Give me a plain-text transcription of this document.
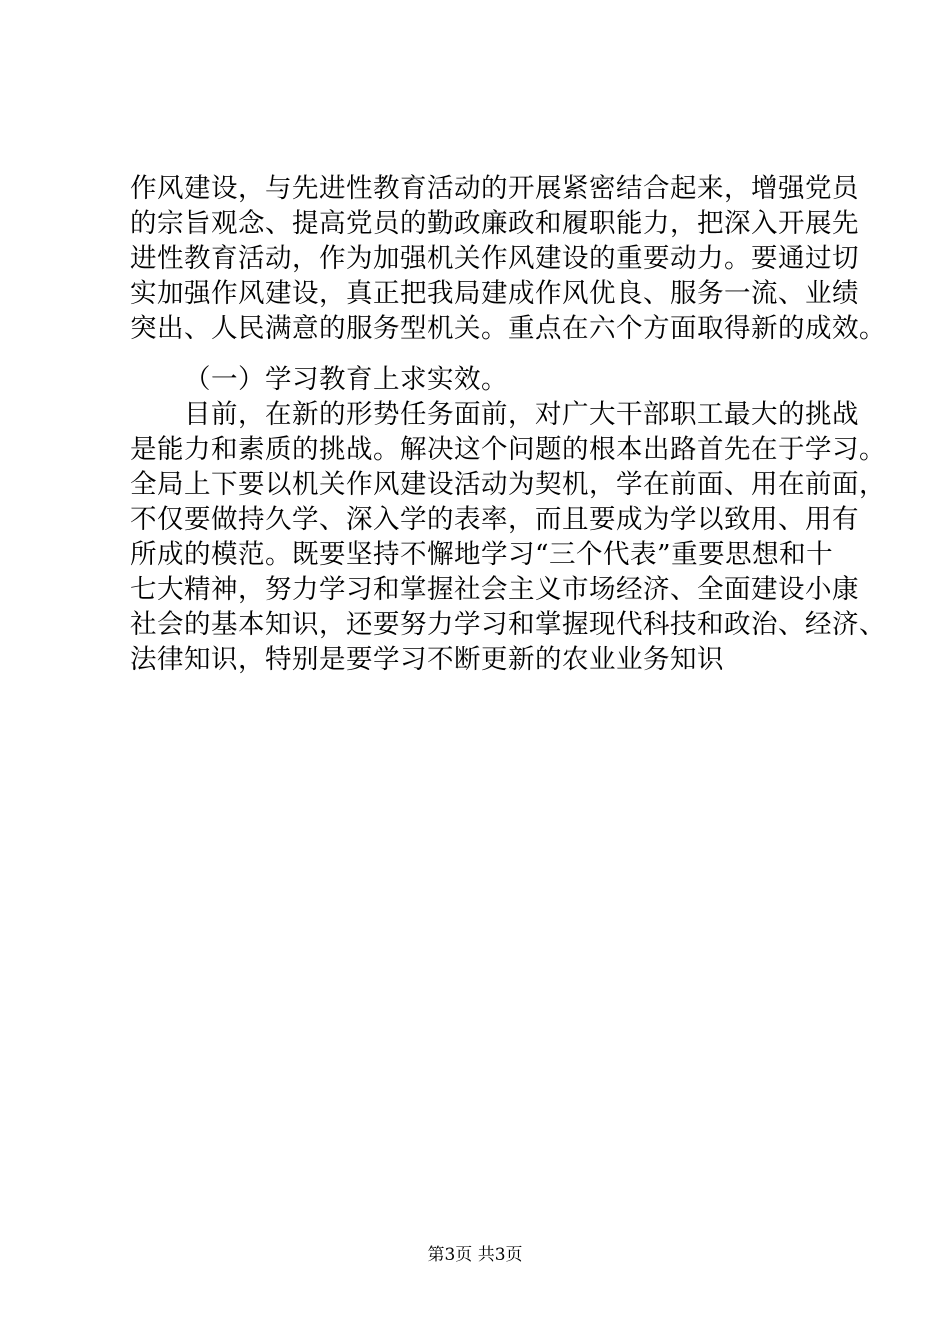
作风建设，与先进性教育活动的开展紧密结合起来，增强党员
的宗旨观念、提高党员的勤政廉政和履职能力，把深入开展先
进性教育活动，作为加强机关作风建设的重要动力。要通过切
实加强作风建设，真正把我局建成作风优良、服务一流、业绩
突出、人民满意的服务型机关。重点在六个方面取得新的成效。
（一）学习教育上求实效。
目前，在新的形势任务面前，对广大干部职工最大的挑战
是能力和素质的挑战。解决这个问题的根本出路首先在于学习。
全局上下要以机关作风建设活动为契机，学在前面、用在前面，
不仅要做持久学、深入学的表率，而且要成为学以致用、用有
所成的模范。既要坚持不懈地学习“三个代表”重要思想和十
七大精神，努力学习和掌握社会主义市场经济、全面建设小康
社会的基本知识，还要努力学习和掌握现代科技和政治、经济、
法律知识，特别是要学习不断更新的农业业务知识
第3页 共3页
